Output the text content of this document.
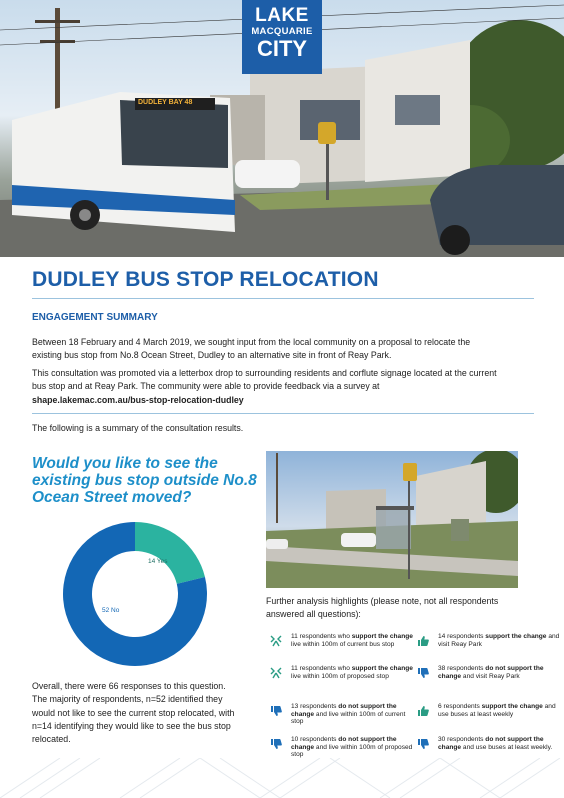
DUDLEY BAY 48
LAKE
MACQUARIE
CITY
DUDLEY BUS STOP RELOCATION
ENGAGEMENT SUMMARY

Between 18 February and 4 March 2019, we sought input from the local community on a proposal to relocate the existing bus stop from No.8 Ocean Street, Dudley to an alternative site in front of Reay Park.

This consultation was promoted via a letterbox drop to surrounding residents and corflute signage located at the current bus stop and at Reay Park. The community were able to provide feedback via a survey at
shape.lakemac.com.au/bus-stop-relocation-dudley

The following is a summary of the consultation results.

Would you like to see the existing bus stop outside No.8 Ocean Street moved?
14 Yes
52 No

Overall, there were 66 responses to this question. The majority of respondents, n=52 identified they would not like to see the current stop relocated, with n=14 identifying they would like to see the bus stop relocated.

Further analysis highlights (please note, not all respondents answered all questions):

11 respondents who support the change live within 100m of current bus stop
11 respondents who support the change live within 100m of proposed stop
13 respondents do not support the change and live within 100m of current stop
10 respondents do not support the change and live within 100m of proposed stop
14 respondents support the change and visit Reay Park
38 respondents do not support the change and visit Reay Park
6 respondents support the change and use buses at least weekly
30 respondents do not support the change and use buses at least weekly.
